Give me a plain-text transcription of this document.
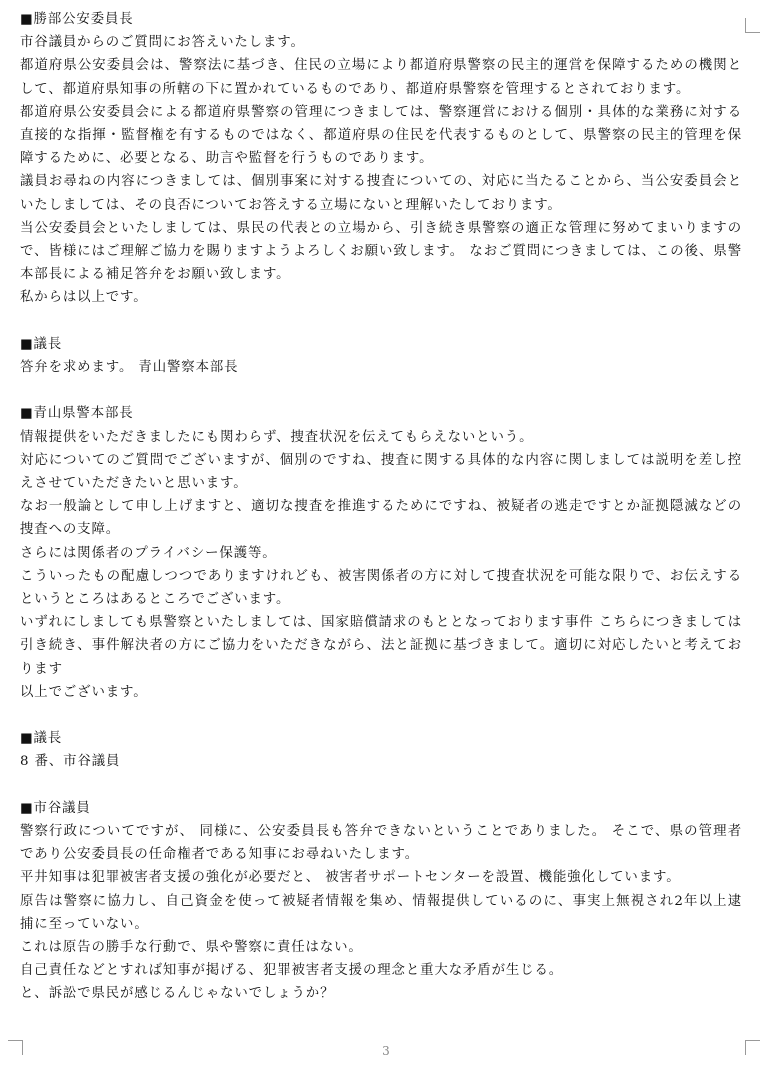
■勝部公安委員長

市谷議員からのご質問にお答えいたします。

都道府県公安委員会は、警察法に基づき、住民の立場により都道府県警察の民主的運営を保障するための機関として、都道府県知事の所轄の下に置かれているものであり、都道府県警察を管理するとされております。

都道府県公安委員会による都道府県警察の管理につきましては、警察運営における個別・具体的な業務に対する直接的な指揮・監督権を有するものではなく、都道府県の住民を代表するものとして、県警察の民主的管理を保障するために、必要となる、助言や監督を行うものであります。

議員お尋ねの内容につきましては、個別事案に対する捜査についての、対応に当たることから、当公安委員会といたしましては、その良否についてお答えする立場にないと理解いたしております。

当公安委員会といたしましては、県民の代表との立場から、引き続き県警察の適正な管理に努めてまいりますので、皆様にはご理解ご協力を賜りますようよろしくお願い致します。 なおご質問につきましては、この後、県警本部長による補足答弁をお願い致します。

私からは以上です。

■議長

答弁を求めます。 青山警察本部長

■青山県警本部長

情報提供をいただきましたにも関わらず、捜査状況を伝えてもらえないという。

対応についてのご質問でございますが、個別のですね、捜査に関する具体的な内容に関しましては説明を差し控えさせていただきたいと思います。

なお一般論として申し上げますと、適切な捜査を推進するためにですね、被疑者の逃走ですとか証拠隠滅などの捜査への支障。

さらには関係者のプライバシー保護等。

こういったもの配慮しつつでありますけれども、被害関係者の方に対して捜査状況を可能な限りで、お伝えするというところはあるところでございます。

いずれにしましても県警察といたしましては、国家賠償請求のもととなっております事件 こちらにつきましては引き続き、事件解決者の方にご協力をいただきながら、法と証拠に基づきまして。適切に対応したいと考えております

以上でございます。

■議長

8 番、市谷議員

■市谷議員

警察行政についてですが、 同様に、公安委員長も答弁できないということでありました。 そこで、県の管理者であり公安委員長の任命権者である知事にお尋ねいたします。

平井知事は犯罪被害者支援の強化が必要だと、 被害者サポートセンターを設置、機能強化しています。

原告は警察に協力し、自己資金を使って被疑者情報を集め、情報提供しているのに、事実上無視され2年以上逮捕に至っていない。

これは原告の勝手な行動で、県や警察に責任はない。

自己責任などとすれば知事が掲げる、犯罪被害者支援の理念と重大な矛盾が生じる。

と、訴訟で県民が感じるんじゃないでしょうか？

3
